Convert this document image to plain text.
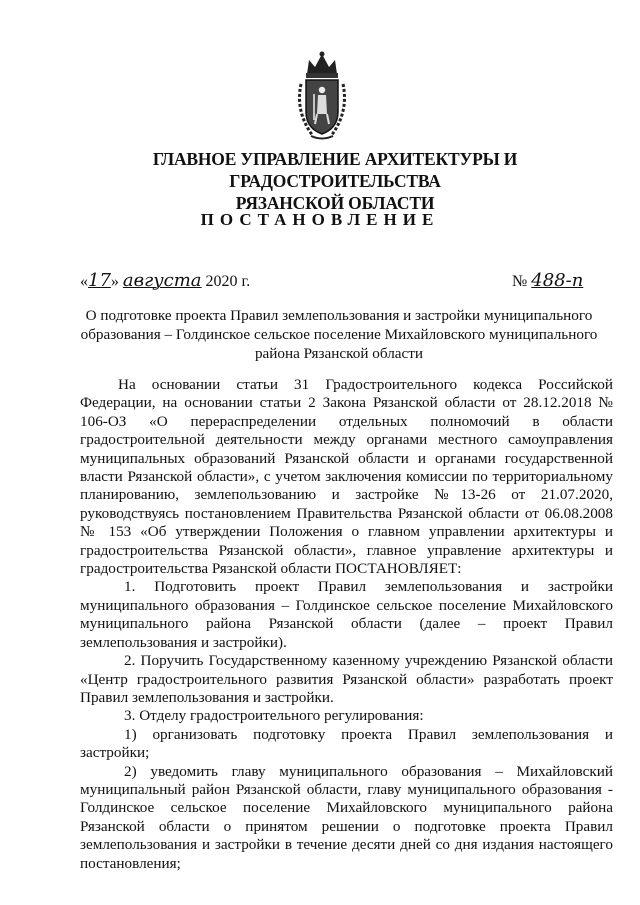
ГЛАВНОЕ УПРАВЛЕНИЕ АРХИТЕКТУРЫ И ГРАДОСТРОИТЕЛЬСТВА
РЯЗАНСКОЙ ОБЛАСТИ
ПОСТАНОВЛЕНИЕ
«17» августа 2020 г.	№ 488-п
О подготовке проекта Правил землепользования и застройки муниципального
образования – Голдинское сельское поселение Михайловского муниципального
района Рязанской области

На основании статьи 31 Градостроительного кодекса Российской Федерации, на основании статьи 2 Закона Рязанской области от 28.12.2018 № 106-ОЗ «О перераспределении отдельных полномочий в области градостроительной деятельности между органами местного самоуправления муниципальных образований Рязанской области и органами государственной власти Рязанской области», с учетом заключения комиссии по территориальному планированию, землепользованию и застройке №13-26 от 21.07.2020, руководствуясь постановлением Правительства Рязанской области от 06.08.2008 № 153 «Об утверждении Положения о главном управлении архитектуры и градостроительства Рязанской области», главное управление архитектуры и градостроительства Рязанской области ПОСТАНОВЛЯЕТ:

1. Подготовить проект Правил землепользования и застройки муниципального образования – Голдинское сельское поселение Михайловского муниципального района Рязанской области (далее – проект Правил землепользования и застройки).

2. Поручить Государственному казенному учреждению Рязанской области «Центр градостроительного развития Рязанской области» разработать проект Правил землепользования и застройки.

3. Отделу градостроительного регулирования:

1) организовать подготовку проекта Правил землепользования и застройки;

2) уведомить главу муниципального образования – Михайловский муниципальный район Рязанской области, главу муниципального образования - Голдинское сельское поселение Михайловского муниципального района Рязанской области о принятом решении о подготовке проекта Правил землепользования и застройки в течение десяти дней со дня издания настоящего постановления;
